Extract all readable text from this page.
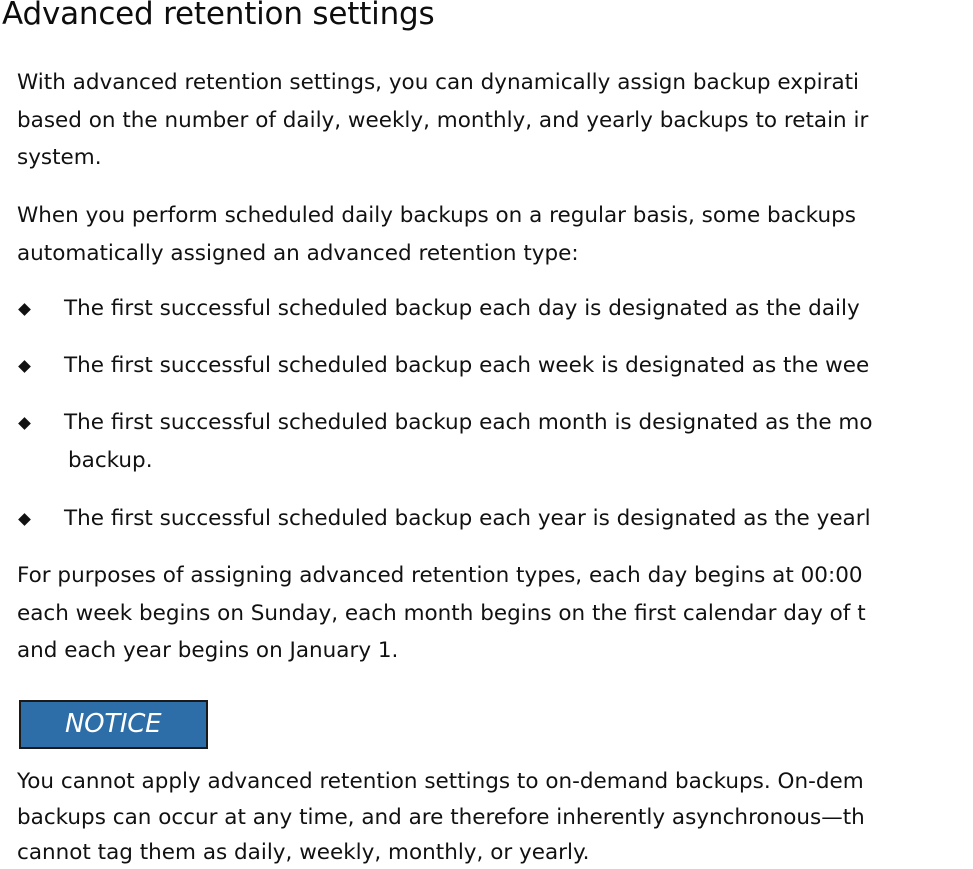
Advanced retention settings

With advanced retention settings, you can dynamically assign backup expirati
based on the number of daily, weekly, monthly, and yearly backups to retain ir
system.

When you perform scheduled daily backups on a regular basis, some backups
automatically assigned an advanced retention type:

The first successful scheduled backup each day is designated as the daily
The first successful scheduled backup each week is designated as the wee
The first successful scheduled backup each month is designated as the mo
backup.
The first successful scheduled backup each year is designated as the yearl

For purposes of assigning advanced retention types, each day begins at 00:00
each week begins on Sunday, each month begins on the first calendar day of t
and each year begins on January 1.

NOTICE

You cannot apply advanced retention settings to on-demand backups. On-dem
backups can occur at any time, and are therefore inherently asynchronous—th
cannot tag them as daily, weekly, monthly, or yearly.
